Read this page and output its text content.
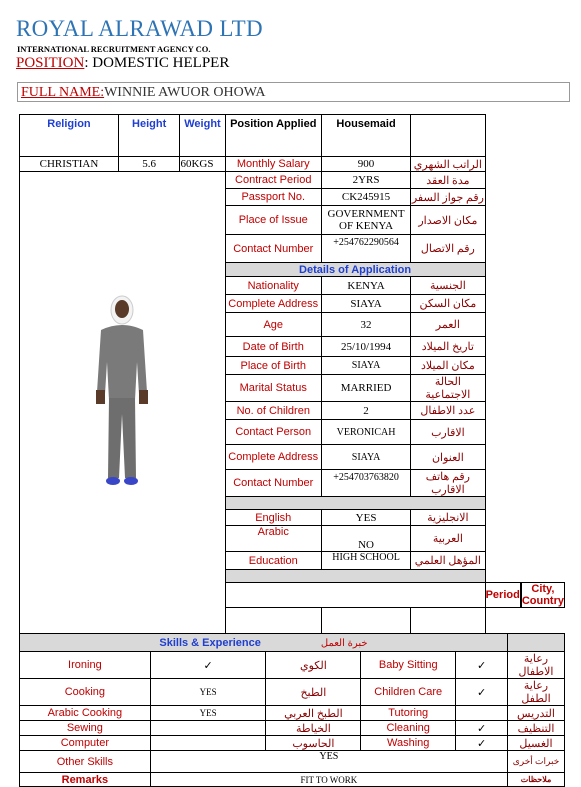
ROYAL ALRAWAD LTD
INTERNATIONAL RECRUITMENT AGENCY CO.
POSITION: DOMESTIC HELPER
FULL NAME:WINNIE AWUOR OHOWA
Religion	Height	Weight	Position Applied	Housemaid			
CHRISTIAN	5.6	60KGS	Monthly Salary	900	الراتب الشهري		

	Contract Period	2YRS	مدة العقد		
			Passport No.	CK245915	رقم جواز السفر		
			Place of Issue	GOVERNMENT OF KENYA	مكان الاصدار		
			Contact Number	+254762290564	رقم الاتصال		
			Details of Application				
			Nationality	KENYA	الجنسية		
			Complete Address	SIAYA	مكان السكن		
			Age	32	العمر		
			Date of Birth	25/10/1994	تاريخ الميلاد		
			Place of Birth	SIAYA	مكان الميلاد		
			Marital Status	MARRIED	الحالة الاجتماعية		
			No. of Children	2	عدد الاطفال		
			Contact Person	VERONICAH	الاقارب		
			Complete Address	SIAYA	العنوان		
			Contact Number	+254703763820	رقم هاتف الاقارب		

			English	YES	الانجليزية		
			Arabic	NO	العربية		
			Education	HIGH SCHOOL	المؤهل العلمي		

						Period		City, Country

Skills & Experience خبرة العمل					
Ironing	✓	الكوي	Baby Sitting	✓	رعاية الاطفال
Cooking	YES	الطبخ	Children Care	✓	رعاية الطفل
Arabic Cooking	YES	الطبخ العربي	Tutoring		التدريس
Sewing		الخياطة	Cleaning	✓	التنظيف
Computer		الحاسوب	Washing	✓	الغسيل
Other Skills	YES				خبرات أخرى
Remarks	FIT TO WORK				ملاحظات
